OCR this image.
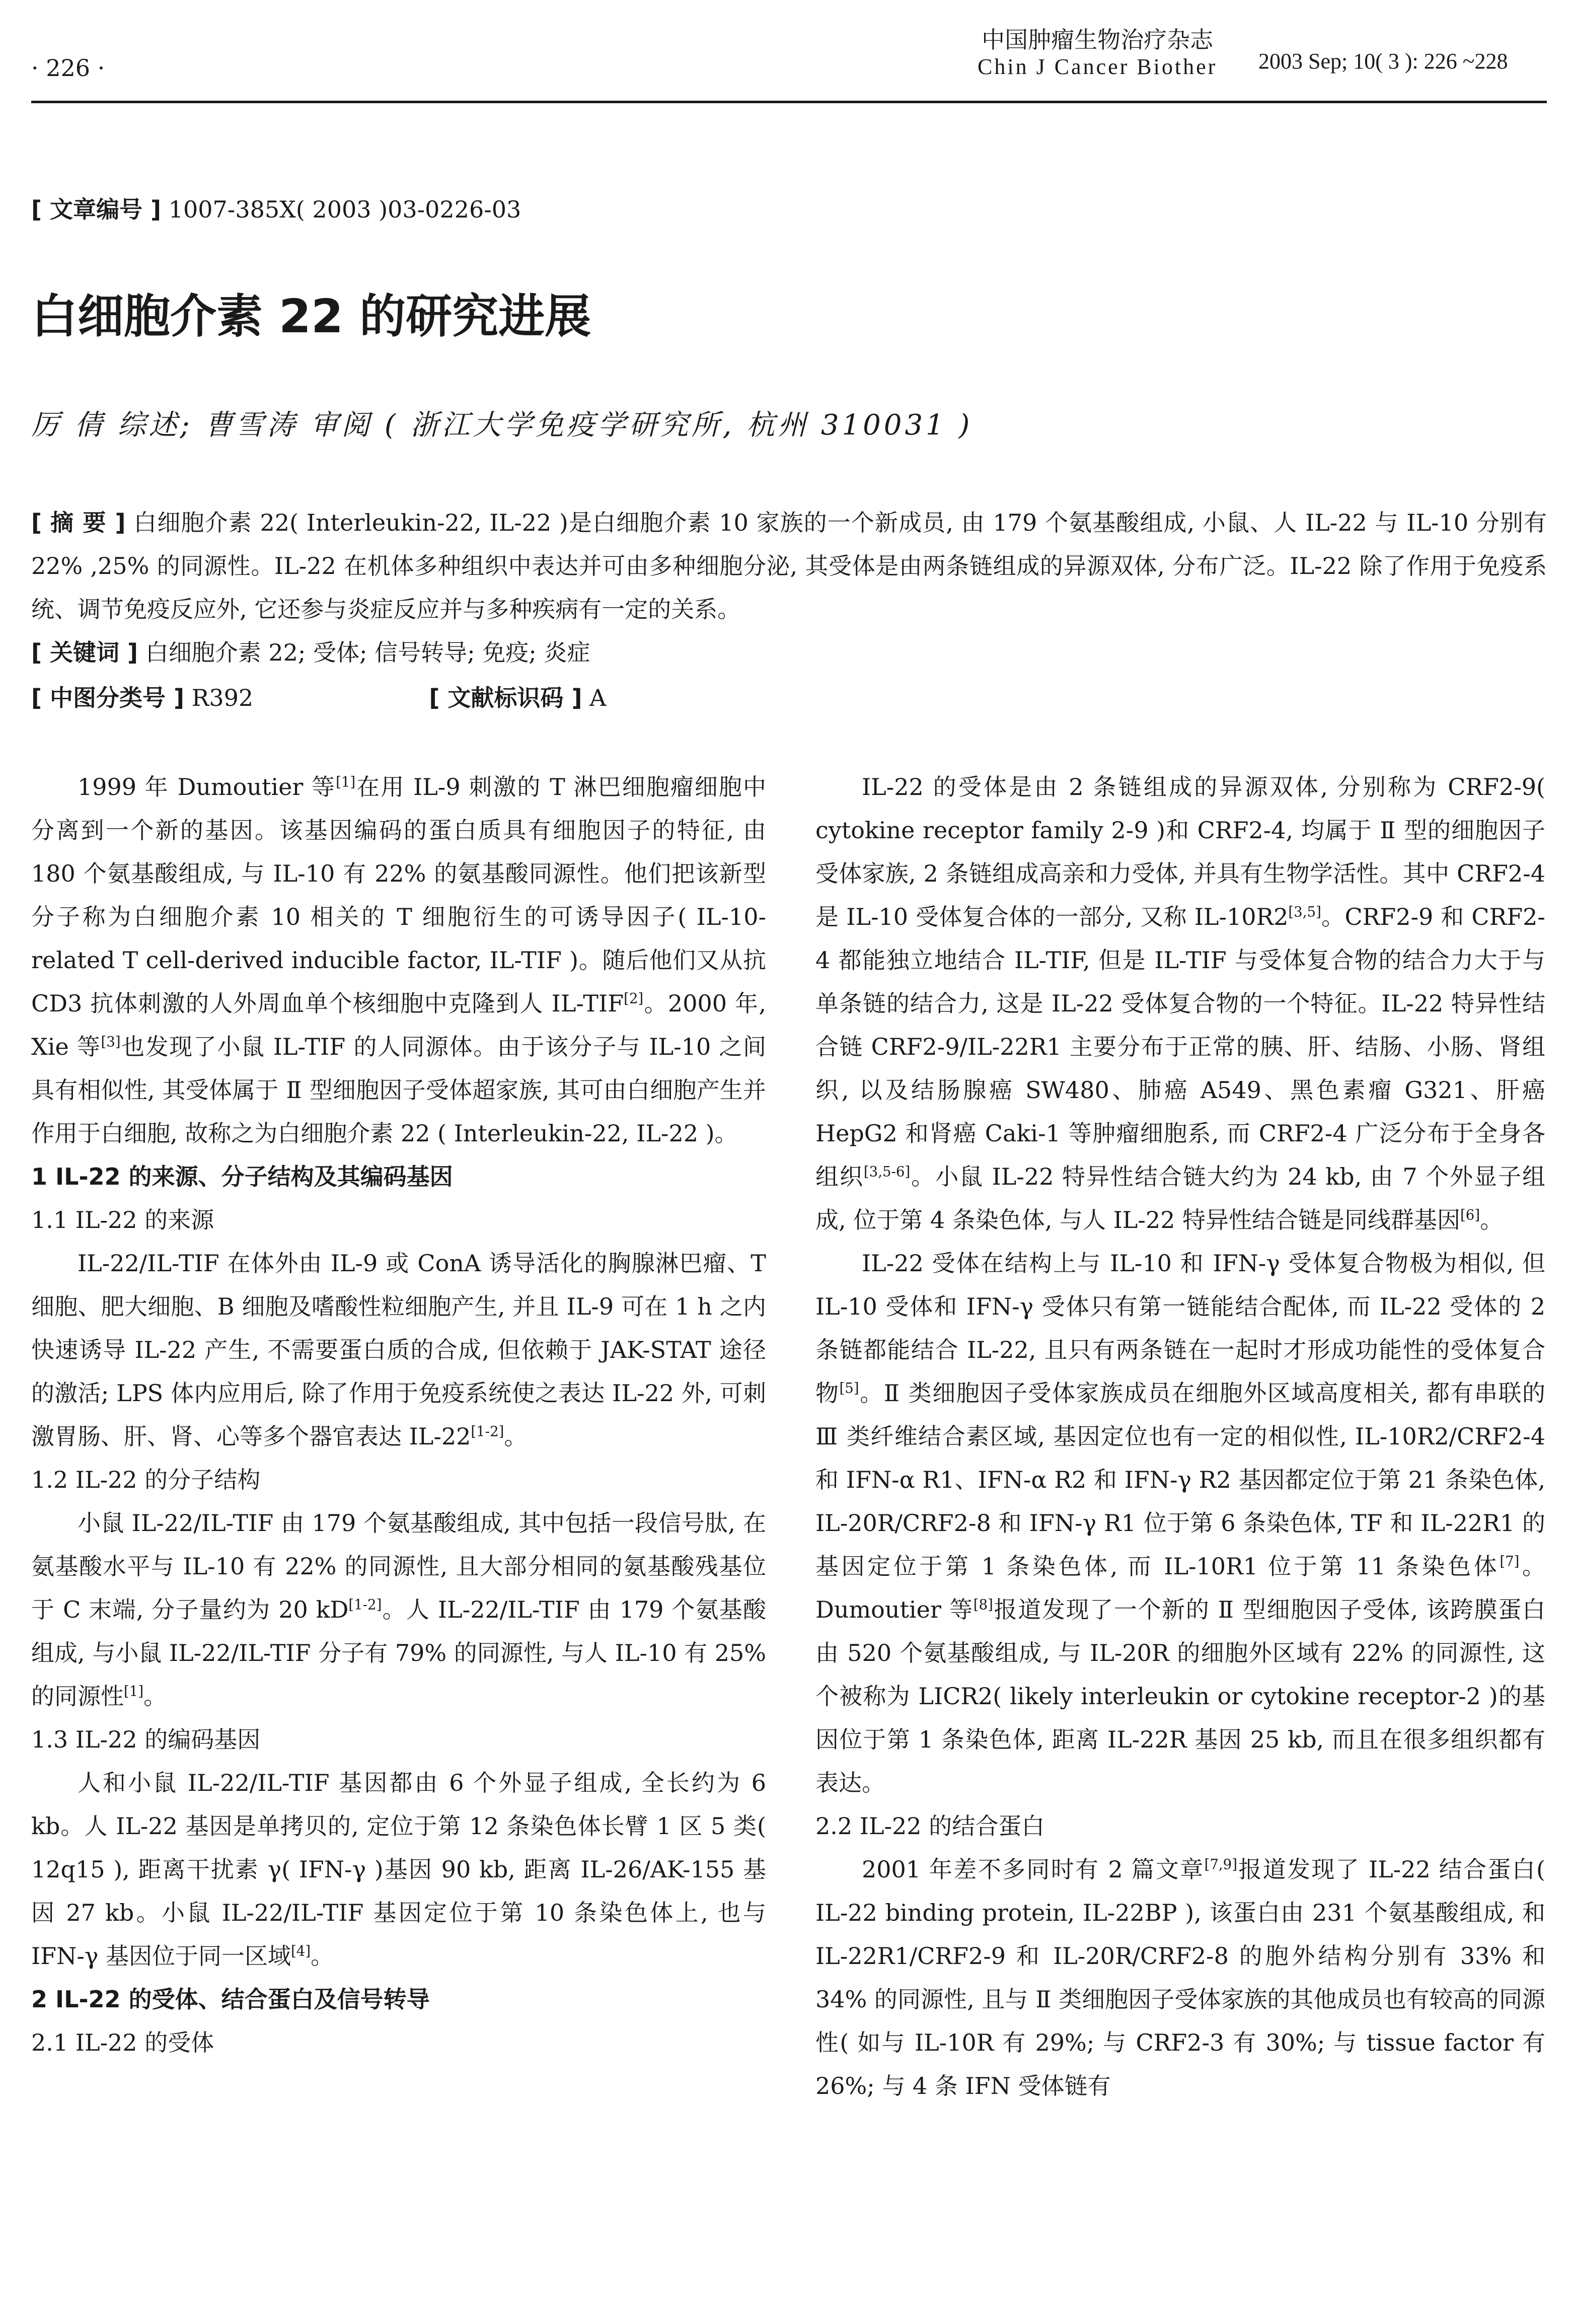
· 226 ·
中国肿瘤生物治疗杂志
Chin J Cancer Biother 2003 Sep; 10( 3 ): 226 ~228
[ 文章编号 ] 1007-385X( 2003 )03-0226-03
白细胞介素 22 的研究进展
厉 倩 综述; 曹雪涛 审阅 ( 浙江大学免疫学研究所, 杭州 310031 )

[ 摘 要 ] 白细胞介素 22( Interleukin-22, IL-22 )是白细胞介素 10 家族的一个新成员, 由 179 个氨基酸组成, 小鼠、人 IL-22 与 IL-10 分别有 22% ,25% 的同源性。IL-22 在机体多种组织中表达并可由多种细胞分泌, 其受体是由两条链组成的异源双体, 分布广泛。IL-22 除了作用于免疫系统、调节免疫反应外, 它还参与炎症反应并与多种疾病有一定的关系。

[ 关键词 ] 白细胞介素 22; 受体; 信号转导; 免疫; 炎症
[ 中图分类号 ] R392	[ 文献标识码 ] A

1999 年 Dumoutier 等[1]在用 IL-9 刺激的 T 淋巴细胞瘤细胞中分离到一个新的基因。该基因编码的蛋白质具有细胞因子的特征, 由 180 个氨基酸组成, 与 IL-10 有 22% 的氨基酸同源性。他们把该新型分子称为白细胞介素 10 相关的 T 细胞衍生的可诱导因子( IL-10-related T cell-derived inducible factor, IL-TIF )。随后他们又从抗 CD3 抗体刺激的人外周血单个核细胞中克隆到人 IL-TIF[2]。2000 年, Xie 等[3]也发现了小鼠 IL-TIF 的人同源体。由于该分子与 IL-10 之间具有相似性, 其受体属于 Ⅱ 型细胞因子受体超家族, 其可由白细胞产生并作用于白细胞, 故称之为白细胞介素 22 ( Interleukin-22, IL-22 )。

1 IL-22 的来源、分子结构及其编码基因

1.1 IL-22 的来源

IL-22/IL-TIF 在体外由 IL-9 或 ConA 诱导活化的胸腺淋巴瘤、T 细胞、肥大细胞、B 细胞及嗜酸性粒细胞产生, 并且 IL-9 可在 1 h 之内快速诱导 IL-22 产生, 不需要蛋白质的合成, 但依赖于 JAK-STAT 途径的激活; LPS 体内应用后, 除了作用于免疫系统使之表达 IL-22 外, 可刺激胃肠、肝、肾、心等多个器官表达 IL-22[1-2]。

1.2 IL-22 的分子结构

小鼠 IL-22/IL-TIF 由 179 个氨基酸组成, 其中包括一段信号肽, 在氨基酸水平与 IL-10 有 22% 的同源性, 且大部分相同的氨基酸残基位于 C 末端, 分子量约为 20 kD[1-2]。人 IL-22/IL-TIF 由 179 个氨基酸组成, 与小鼠 IL-22/IL-TIF 分子有 79% 的同源性, 与人 IL-10 有 25% 的同源性[1]。

1.3 IL-22 的编码基因

人和小鼠 IL-22/IL-TIF 基因都由 6 个外显子组成, 全长约为 6 kb。人 IL-22 基因是单拷贝的, 定位于第 12 条染色体长臂 1 区 5 类( 12q15 ), 距离干扰素 γ( IFN-γ )基因 90 kb, 距离 IL-26/AK-155 基因 27 kb。小鼠 IL-22/IL-TIF 基因定位于第 10 条染色体上, 也与 IFN-γ 基因位于同一区域[4]。

2 IL-22 的受体、结合蛋白及信号转导

2.1 IL-22 的受体

IL-22 的受体是由 2 条链组成的异源双体, 分别称为 CRF2-9( cytokine receptor family 2-9 )和 CRF2-4, 均属于 Ⅱ 型的细胞因子受体家族, 2 条链组成高亲和力受体, 并具有生物学活性。其中 CRF2-4 是 IL-10 受体复合体的一部分, 又称 IL-10R2[3,5]。CRF2-9 和 CRF2-4 都能独立地结合 IL-TIF, 但是 IL-TIF 与受体复合物的结合力大于与单条链的结合力, 这是 IL-22 受体复合物的一个特征。IL-22 特异性结合链 CRF2-9/IL-22R1 主要分布于正常的胰、肝、结肠、小肠、肾组织, 以及结肠腺癌 SW480、肺癌 A549、黑色素瘤 G321、肝癌 HepG2 和肾癌 Caki-1 等肿瘤细胞系, 而 CRF2-4 广泛分布于全身各组织[3,5-6]。小鼠 IL-22 特异性结合链大约为 24 kb, 由 7 个外显子组成, 位于第 4 条染色体, 与人 IL-22 特异性结合链是同线群基因[6]。

IL-22 受体在结构上与 IL-10 和 IFN-γ 受体复合物极为相似, 但 IL-10 受体和 IFN-γ 受体只有第一链能结合配体, 而 IL-22 受体的 2 条链都能结合 IL-22, 且只有两条链在一起时才形成功能性的受体复合物[5]。Ⅱ 类细胞因子受体家族成员在细胞外区域高度相关, 都有串联的 Ⅲ 类纤维结合素区域, 基因定位也有一定的相似性, IL-10R2/CRF2-4 和 IFN-α R1、IFN-α R2 和 IFN-γ R2 基因都定位于第 21 条染色体, IL-20R/CRF2-8 和 IFN-γ R1 位于第 6 条染色体, TF 和 IL-22R1 的基因定位于第 1 条染色体, 而 IL-10R1 位于第 11 条染色体[7]。Dumoutier 等[8]报道发现了一个新的 Ⅱ 型细胞因子受体, 该跨膜蛋白由 520 个氨基酸组成, 与 IL-20R 的细胞外区域有 22% 的同源性, 这个被称为 LICR2( likely interleukin or cytokine receptor-2 )的基因位于第 1 条染色体, 距离 IL-22R 基因 25 kb, 而且在很多组织都有表达。

2.2 IL-22 的结合蛋白

2001 年差不多同时有 2 篇文章[7,9]报道发现了 IL-22 结合蛋白( IL-22 binding protein, IL-22BP ), 该蛋白由 231 个氨基酸组成, 和 IL-22R1/CRF2-9 和 IL-20R/CRF2-8 的胞外结构分别有 33% 和 34% 的同源性, 且与 Ⅱ 类细胞因子受体家族的其他成员也有较高的同源性( 如与 IL-10R 有 29%; 与 CRF2-3 有 30%; 与 tissue factor 有 26%; 与 4 条 IFN 受体链有
